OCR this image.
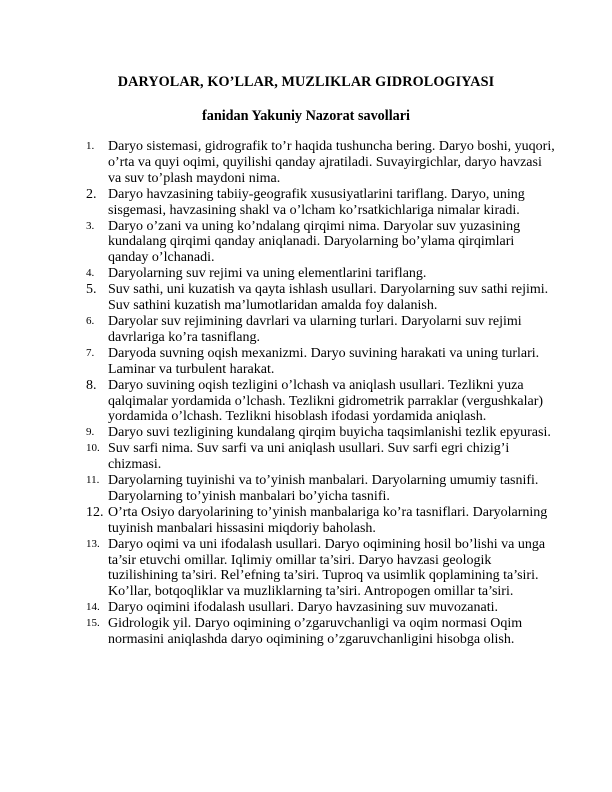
DARYOLAR, KO’LLAR, MUZLIKLAR GIDROLOGIYASI
fanidan Yakuniy Nazorat savollari
1. Daryo sistemasi, gidrografik to’r haqida tushuncha bering. Daryo boshi, yuqori, o’rta va quyi oqimi, quyilishi qanday ajratiladi. Suvayirgichlar, daryo havzasi va suv to’plash maydoni nima.
2. Daryo havzasining tabiiy-geografik xususiyatlarini tariflang. Daryo, uning sisgemasi, havzasining shakl va o’lcham ko’rsatkichlariga nimalar kiradi.
3. Daryo o’zani va uning ko’ndalang qirqimi nima. Daryolar suv yuzasining kundalang qirqimi qanday aniqlanadi. Daryolarning bo’ylama qirqimlari qanday o’lchanadi.
4. Daryolarning suv rejimi va uning elementlarini tariflang.
5. Suv sathi, uni kuzatish va qayta ishlash usullari. Daryolarning suv sathi rejimi. Suv sathini kuzatish ma’lumotlaridan amalda foy dalanish.
6. Daryolar suv rejimining davrlari va ularning turlari. Daryolarni suv rejimi davrlariga ko’ra tasniflang.
7. Daryoda suvning oqish mexanizmi. Daryo suvining harakati va uning turlari. Laminar va turbulent harakat.
8. Daryo suvining oqish tezligini o’lchash va aniqlash usullari. Tezlikni yuza qalqimalar yordamida o’lchash. Tezlikni gidrometrik parraklar (vergushkalar) yordamida o’lchash. Tezlikni hisoblash ifodasi yordamida aniqlash.
9. Daryo suvi tezligining kundalang qirqim buyicha taqsimlanishi tezlik epyurasi.
10. Suv sarfi nima. Suv sarfi va uni aniqlash usullari. Suv sarfi egri chizig’i chizmasi.
11. Daryolarning tuyinishi va to’yinish manbalari. Daryolarning umumiy tasnifi. Daryolarning to’yinish manbalari bo’yicha tasnifi.
12. O’rta Osiyo daryolarining to’yinish manbalariga ko’ra tasniflari. Daryolarning tuyinish manbalari hissasini miqdoriy baholash.
13. Daryo oqimi va uni ifodalash usullari. Daryo oqimining hosil bo’lishi va unga ta’sir etuvchi omillar. Iqlimiy omillar ta’siri. Daryo havzasi geologik tuzilishining ta’siri. Rel’efning ta’siri. Tuproq va usimlik qoplamining ta’siri. Ko’llar, botqoqliklar va muzliklarning ta’siri. Antropogen omillar ta’siri.
14. Daryo oqimini ifodalash usullari. Daryo havzasining suv muvozanati.
15. Gidrologik yil. Daryo oqimining o’zgaruvchanligi va oqim normasi Oqim normasini aniqlashda daryo oqimining o’zgaruvchanligini hisobga olish.
